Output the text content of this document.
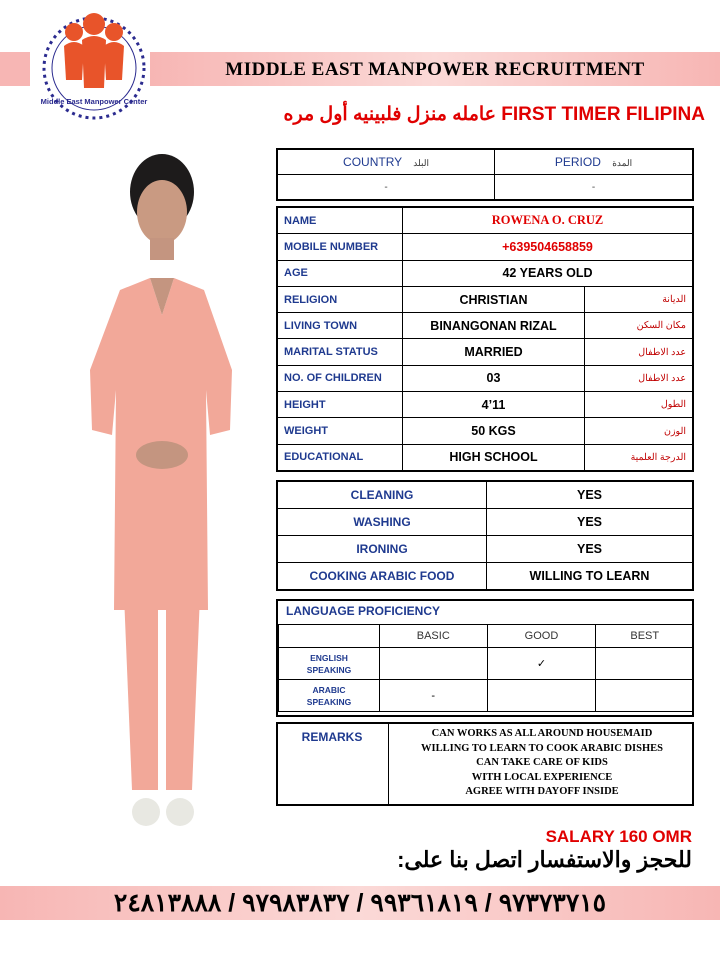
MIDDLE EAST MANPOWER RECRUITMENT
Middle East Manpower Center
عامله منزل فلبينيه أول مره FIRST TIMER FILIPINA
COUNTRY البلد	PERIOD المدة
-	-
NAME	ROWENA O. CRUZ	
MOBILE NUMBER	+639504658859	
AGE	42 YEARS OLD	
RELIGION	CHRISTIAN	الديانة
LIVING TOWN	BINANGONAN RIZAL	مكان السكن
MARITAL STATUS	MARRIED	عدد الاطفال
NO. OF CHILDREN	03	عدد الاطفال
HEIGHT	4’11	الطول
WEIGHT	50 KGS	الوزن
EDUCATIONAL	HIGH SCHOOL	الدرجة العلمية
CLEANING	YES
WASHING	YES
IRONING	YES
COOKING ARABIC FOOD	WILLING TO LEARN
LANGUAGE PROFICIENCY
	BASIC	GOOD	BEST
ENGLISH
SPEAKING		✓	
ARABIC
SPEAKING	-		
REMARKS	CAN WORKS AS ALL AROUND HOUSEMAID
WILLING TO LEARN TO COOK ARABIC DISHES
CAN TAKE CARE OF KIDS
WITH LOCAL EXPERIENCE
AGREE WITH DAYOFF INSIDE
SALARY 160 OMR
للحجز والاستفسار اتصل بنا على:
٩٧٣٧٣٧١٥ / ٩٩٣٦١٨١٩ / ٩٧٩٨٣٨٣٧ / ٢٤٨١٣٨٨٨
